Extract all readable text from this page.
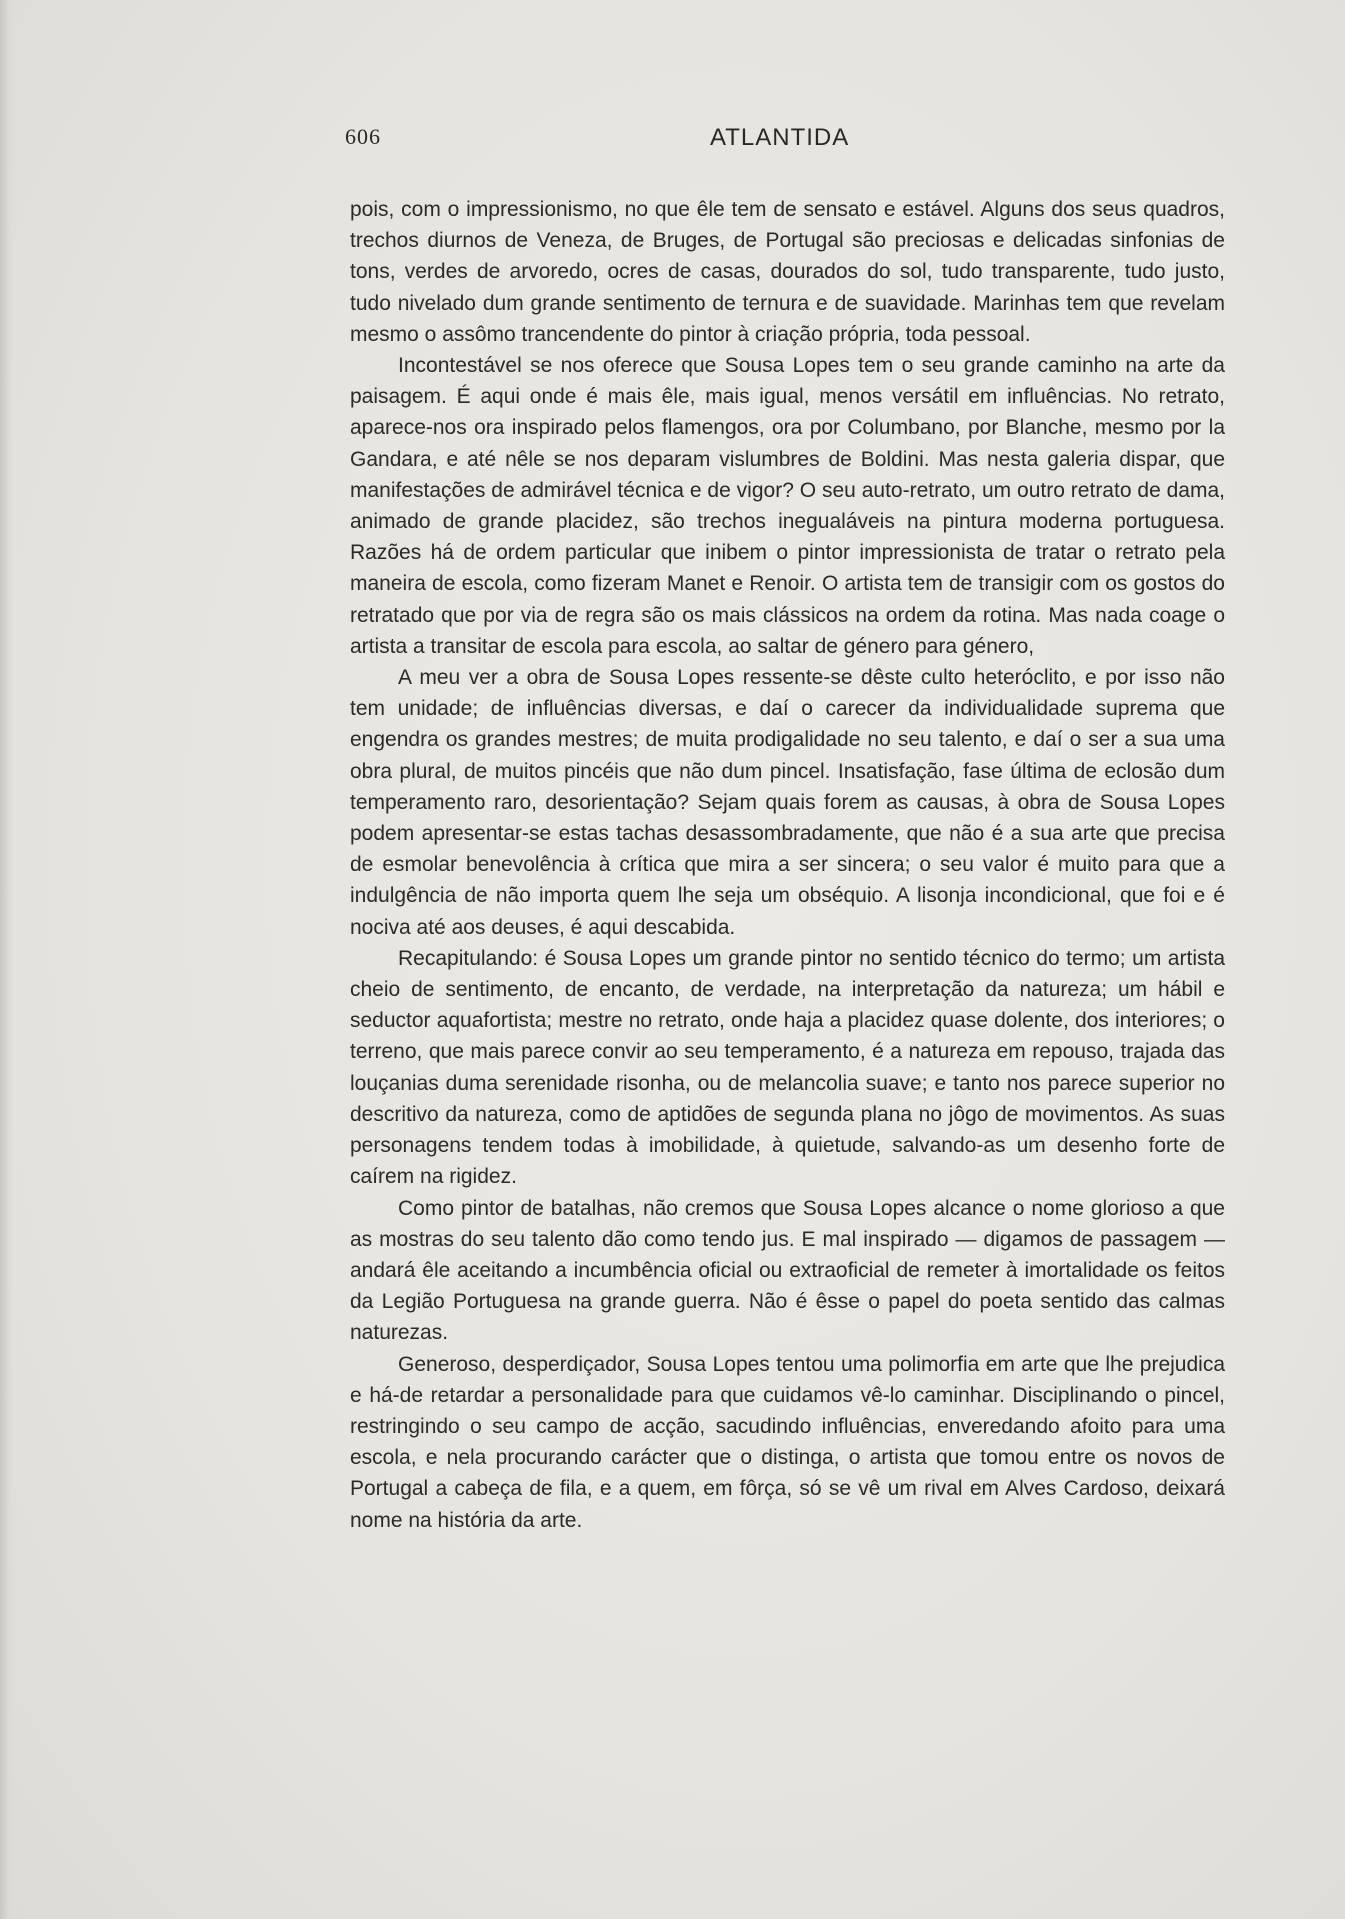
606	ATLANTIDA

pois, com o impressionismo, no que êle tem de sensato e estável. Alguns dos seus quadros, trechos diurnos de Veneza, de Bruges, de Portugal são preciosas e delicadas sinfonias de tons, verdes de arvoredo, ocres de casas, dourados do sol, tudo transparente, tudo justo, tudo nivelado dum grande sentimento de ternura e de suavidade. Marinhas tem que revelam mesmo o assômo trancendente do pintor à criação própria, toda pessoal.

Incontestável se nos oferece que Sousa Lopes tem o seu grande caminho na arte da paisagem. É aqui onde é mais êle, mais igual, menos versátil em influências. No retrato, aparece-nos ora inspirado pelos flamengos, ora por Columbano, por Blanche, mesmo por la Gandara, e até nêle se nos deparam vislumbres de Boldini. Mas nesta galeria dispar, que manifestações de admirável técnica e de vigor? O seu auto-retrato, um outro retrato de dama, animado de grande placidez, são trechos inegualáveis na pintura moderna portuguesa. Razões há de ordem particular que inibem o pintor impressionista de tratar o retrato pela maneira de escola, como fizeram Manet e Renoir. O artista tem de transigir com os gostos do retratado que por via de regra são os mais clássicos na ordem da rotina. Mas nada coage o artista a transitar de escola para escola, ao saltar de género para género,

A meu ver a obra de Sousa Lopes ressente-se dêste culto heteróclito, e por isso não tem unidade; de influências diversas, e daí o carecer da individualidade suprema que engendra os grandes mestres; de muita prodigalidade no seu talento, e daí o ser a sua uma obra plural, de muitos pincéis que não dum pincel. Insatisfação, fase última de eclosão dum temperamento raro, desorientação? Sejam quais forem as causas, à obra de Sousa Lopes podem apresentar-se estas tachas desassombradamente, que não é a sua arte que precisa de esmolar benevolência à crítica que mira a ser sincera; o seu valor é muito para que a indulgência de não importa quem lhe seja um obséquio. A lisonja incondicional, que foi e é nociva até aos deuses, é aqui descabida.

Recapitulando: é Sousa Lopes um grande pintor no sentido técnico do termo; um artista cheio de sentimento, de encanto, de verdade, na interpretação da natureza; um hábil e seductor aquafortista; mestre no retrato, onde haja a placidez quase dolente, dos interiores; o terreno, que mais parece convir ao seu temperamento, é a natureza em repouso, trajada das louçanias duma serenidade risonha, ou de melancolia suave; e tanto nos parece superior no descritivo da natureza, como de aptidões de segunda plana no jôgo de movimentos. As suas personagens tendem todas à imobilidade, à quietude, salvando-as um desenho forte de caírem na rigidez.

Como pintor de batalhas, não cremos que Sousa Lopes alcance o nome glorioso a que as mostras do seu talento dão como tendo jus. E mal inspirado — digamos de passagem — andará êle aceitando a incumbência oficial ou extraoficial de remeter à imortalidade os feitos da Legião Portuguesa na grande guerra. Não é êsse o papel do poeta sentido das calmas naturezas.

Generoso, desperdiçador, Sousa Lopes tentou uma polimorfia em arte que lhe prejudica e há-de retardar a personalidade para que cuidamos vê-lo caminhar. Disciplinando o pincel, restringindo o seu campo de acção, sacudindo influências, enveredando afoito para uma escola, e nela procurando carácter que o distinga, o artista que tomou entre os novos de Portugal a cabeça de fila, e a quem, em fôrça, só se vê um rival em Alves Cardoso, deixará nome na história da arte.
